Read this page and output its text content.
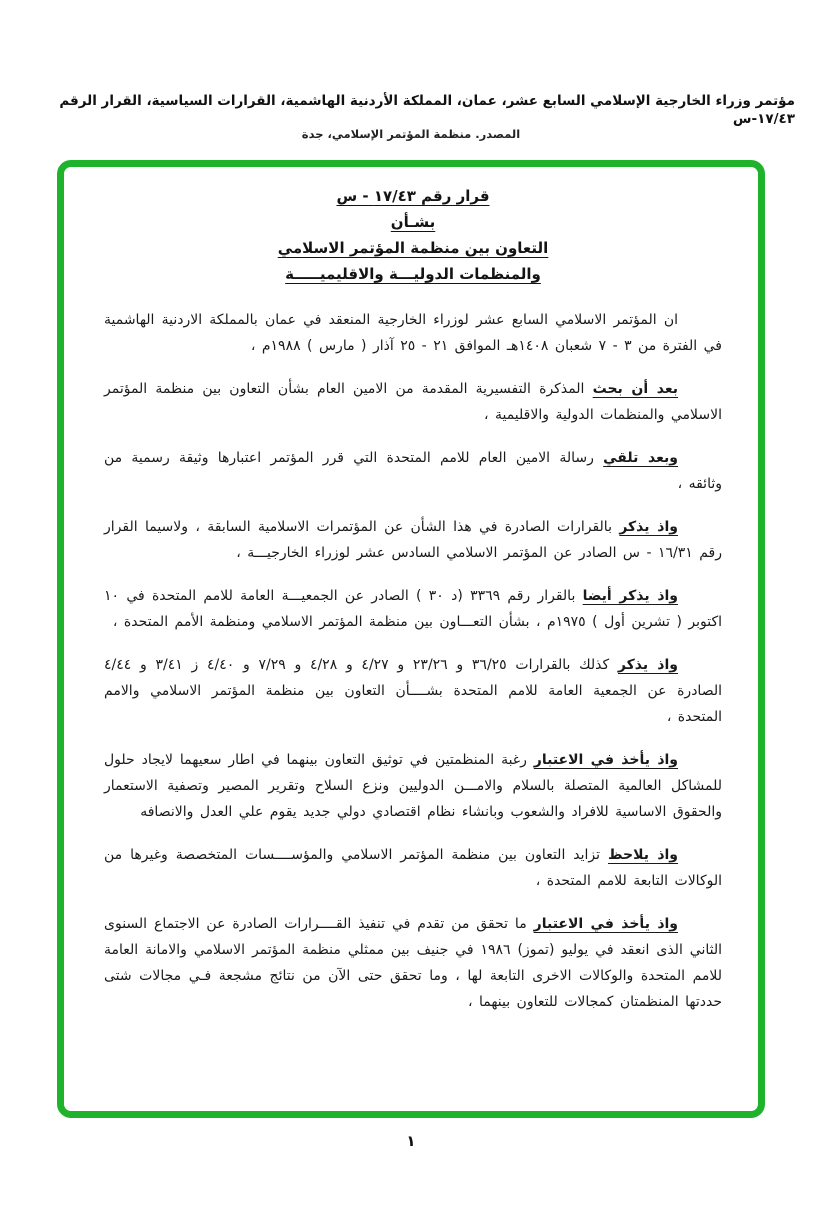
مؤتمر وزراء الخارجية الإسلامي السابع عشر، عمان، المملكة الأردنية الهاشمية، القرارات السياسية، القرار الرقم ١٧/٤٣-س
المصدر. منظمة المؤتمر الإسلامي، جدة

قرار رقم ١٧/٤٣ - س

بشـأن

التعاون بين منظمة المؤتمر الاسلامي

والمنظمات الدوليـــة والاقليميـــــة

ان المؤتمر الاسلامي السابع عشر لوزراء الخارجية المنعقد في عمان بالمملكة الاردنية الهاشمية في الفترة من ٣ - ٧ شعبان ١٤٠٨هـ الموافق ٢١ - ٢٥ آذار ( مارس ) ١٩٨٨م ،

بعد أن بحث المذكرة التفسيرية المقدمة من الامين العام بشأن التعاون بين منظمة المؤتمر الاسلامي والمنظمات الدولية والاقليمية ،

وبعد تلقي رسالة الامين العام للامم المتحدة التي قرر المؤتمر اعتبارها وثيقة رسمية من وثائقه ،

واذ يذكر بالقرارات الصادرة في هذا الشأن عن المؤتمرات الاسلامية السابقة ، ولاسيما القرار رقم ١٦/٣١ - س الصادر عن المؤتمر الاسلامي السادس عشر لوزراء الخارجيـــة ،

واذ يذكر أيضا بالقرار رقم ٣٣٦٩ (د ٣٠ ) الصادر عن الجمعيـــة العامة للامم المتحدة في ١٠ اكتوبر ( تشرين أول ) ١٩٧٥م ، بشأن التعـــاون بين منظمة المؤتمر الاسلامي ومنظمة الأمم المتحدة ،

واذ يذكر كذلك بالقرارات ٣٦/٢٥ و ٢٣/٢٦ و ٤/٢٧ و ٤/٢٨ و ٧/٢٩ و ٤/٤٠ ز ٣/٤١ و ٤/٤٤ الصادرة عن الجمعية العامة للامم المتحدة بشــــأن التعاون بين منظمة المؤتمر الاسلامي والامم المتحدة ،

واذ يأخذ في الاعتبار رغبة المنظمتين في توثيق التعاون بينهما في اطار سعيهما لايجاد حلول للمشاكل العالمية المتصلة بالسلام والامـــن الدوليين ونزع السلاح وتقرير المصير وتصفية الاستعمار والحقوق الاساسية للافراد والشعوب وبانشاء نظام اقتصادي دولي جديد يقوم علي العدل والانصافه

واذ يلاحظ تزايد التعاون بين منظمة المؤتمر الاسلامي والمؤســــسات المتخصصة وغيرها من الوكالات التابعة للامم المتحدة ،

واذ يأخذ في الاعتبار ما تحقق من تقدم في تنفيذ القــــرارات الصادرة عن الاجتماع السنوى الثاني الذى انعقد في يوليو (تموز) ١٩٨٦ في جنيف بين ممثلي منظمة المؤتمر الاسلامي والامانة العامة للامم المتحدة والوكالات الاخرى التابعة لها ، وما تحقق حتى الآن من نتائج مشجعة فـي مجالات شتى حددتها المنظمتان كمجالات للتعاون بينهما ،

١
